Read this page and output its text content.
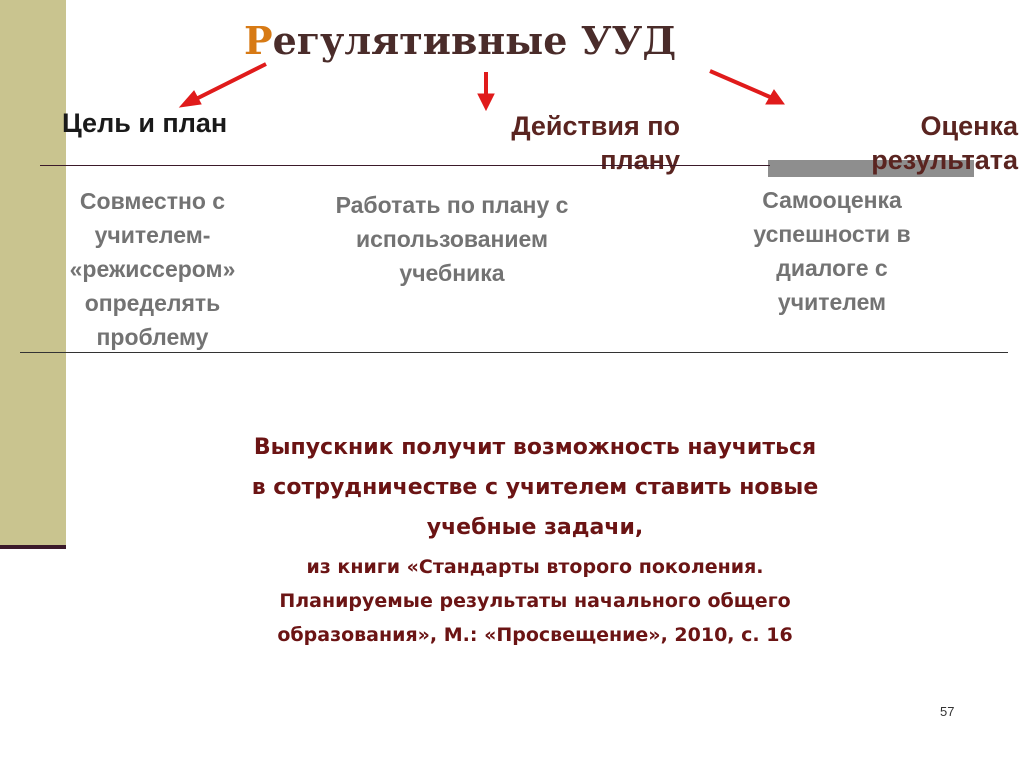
Регулятивные УУД
Цель и план	Действия по
плану
Оценка
результата
Совместно с
учителем-
«режиссером»
определять
проблему
Работать по плану с
использованием
учебника
Самооценка
успешности в
диалоге с
учителем
Выпускник получит возможность научиться
в сотрудничестве с учителем ставить новые
учебные задачи,
из книги «Стандарты второго поколения.
Планируемые результаты начального общего
образования», М.: «Просвещение», 2010, с. 16
57
